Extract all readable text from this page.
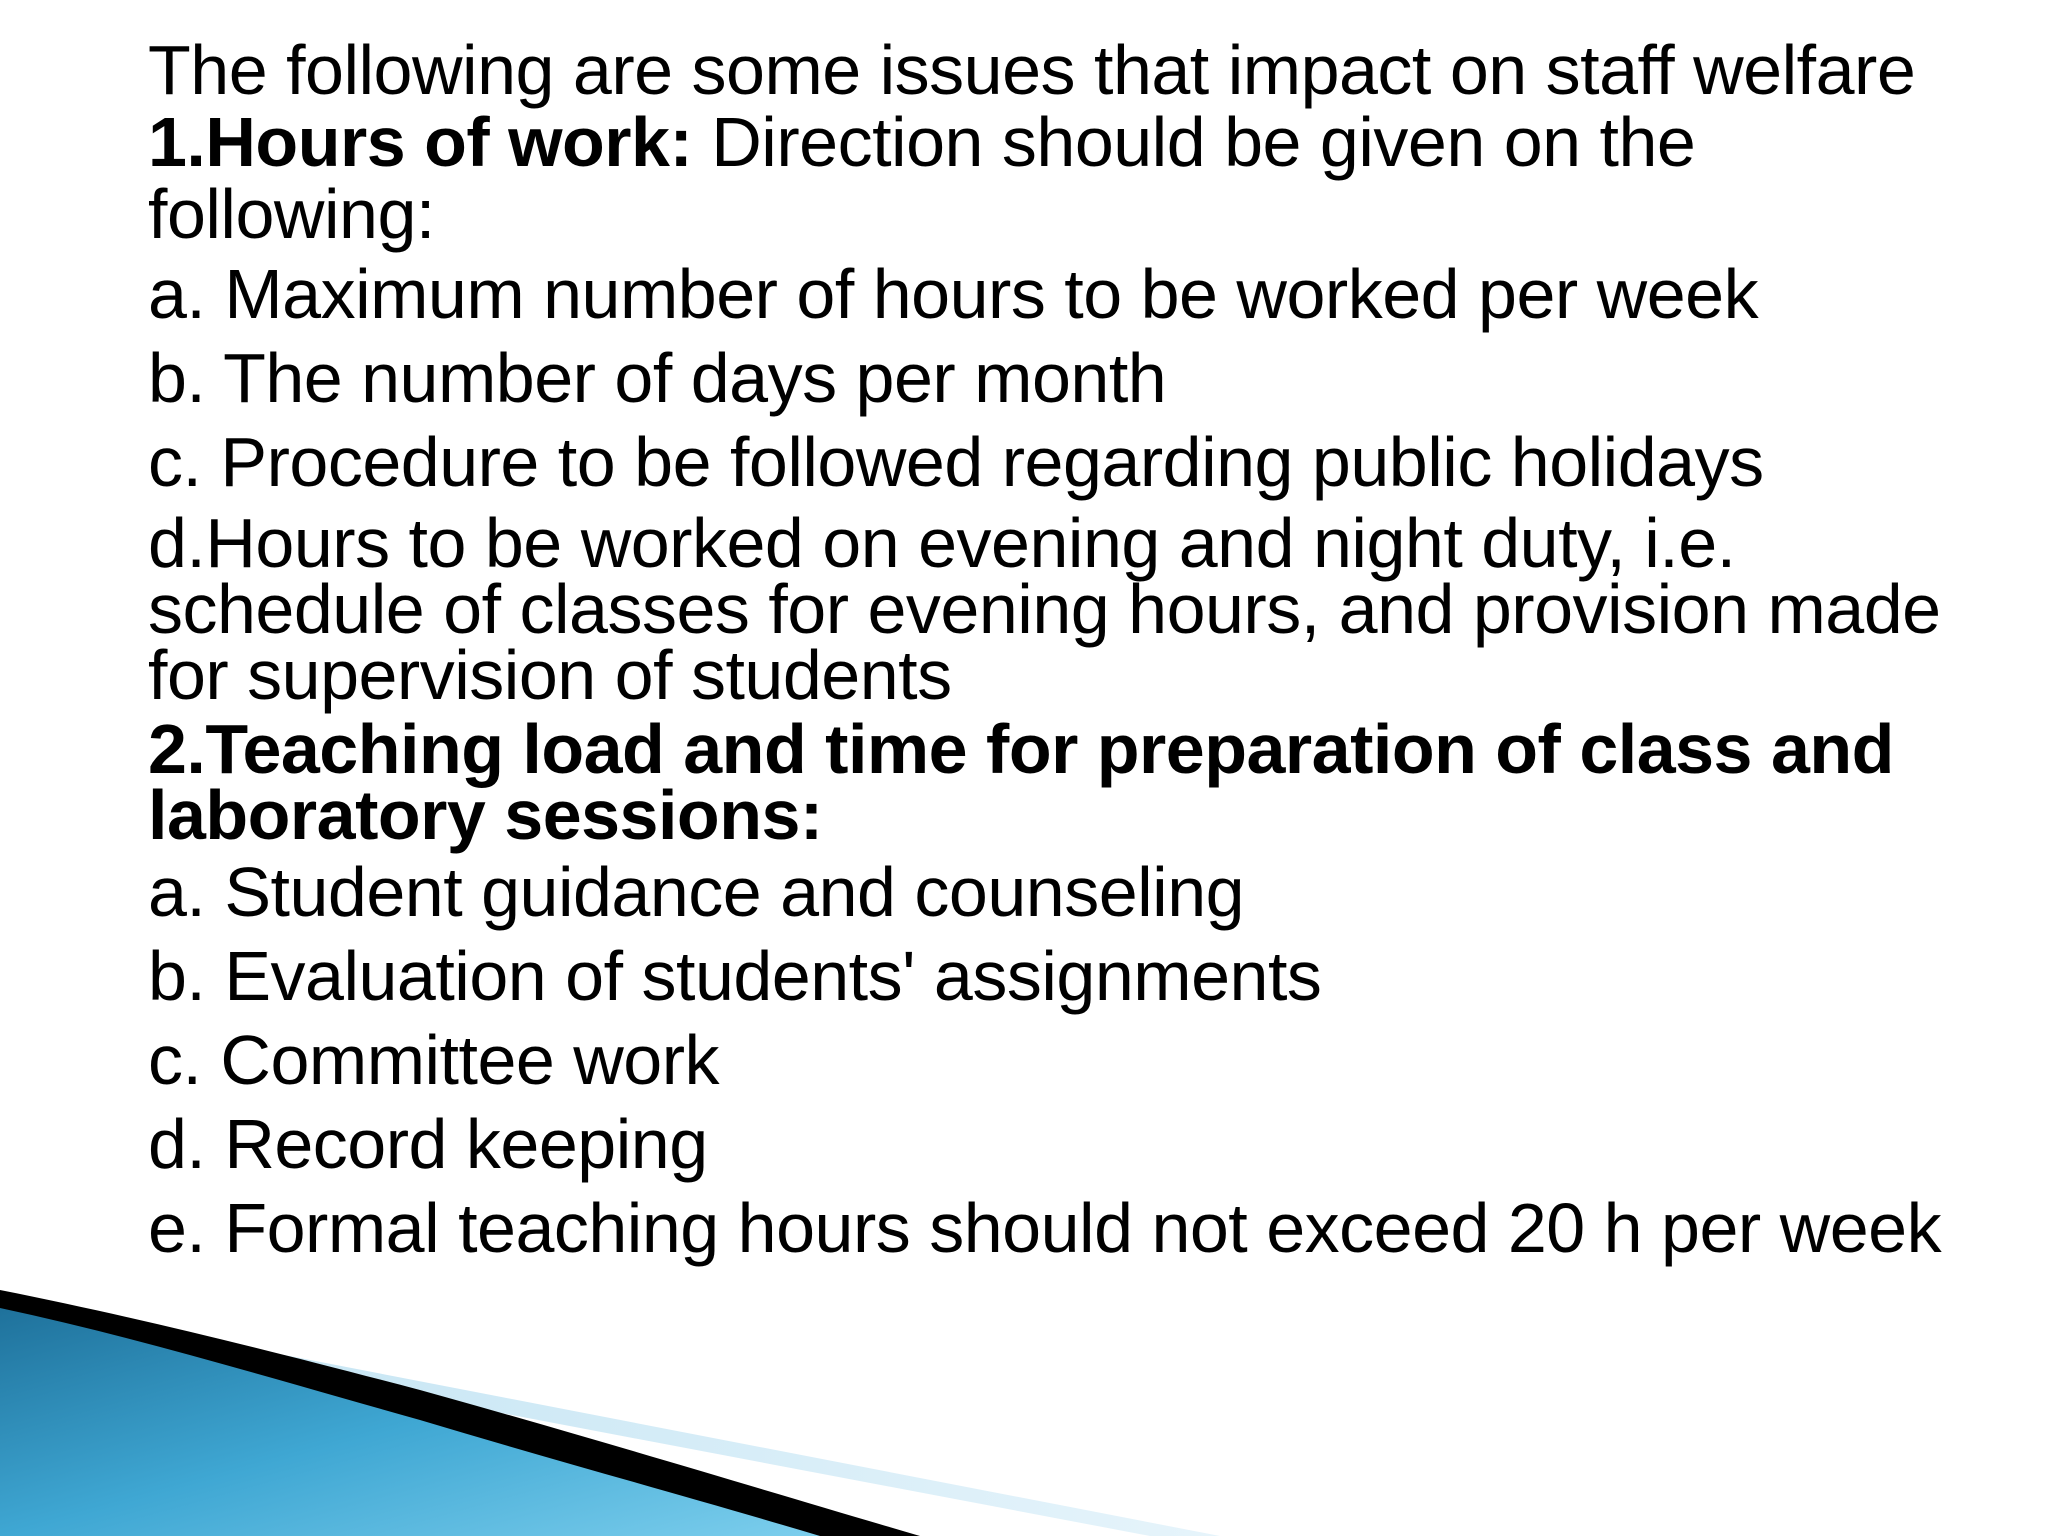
The following are some issues that impact on staff welfare
1.Hours of work: Direction should be given on the
following:
a. Maximum number of hours to be worked per week
b. The number of days per month
c. Procedure to be followed regarding public holidays
d.Hours to be worked on evening and night duty, i.e.
schedule of classes for evening hours, and provision made
for supervision of students
2.Teaching load and time for preparation of class and
laboratory sessions:
a. Student guidance and counseling
b. Evaluation of students' assignments
c. Committee work
d. Record keeping
e. Formal teaching hours should not exceed 20 h per week
